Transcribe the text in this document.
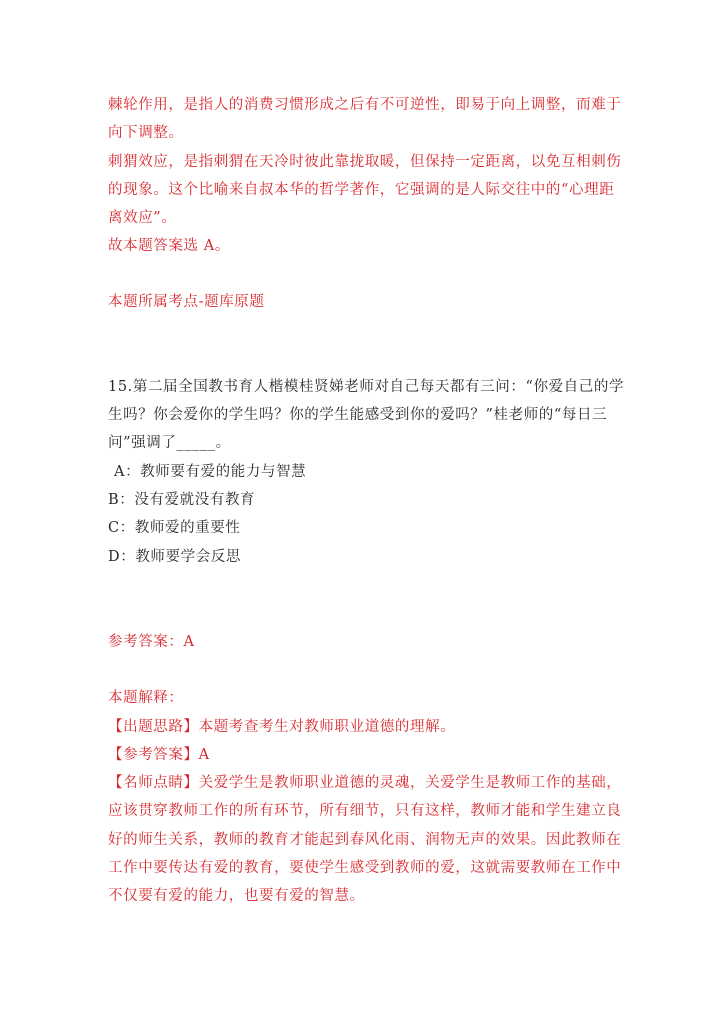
棘轮作用，是指人的消费习惯形成之后有不可逆性，即易于向上调整，而难于
向下调整。
刺猬效应，是指刺猬在天冷时彼此靠拢取暖，但保持一定距离，以免互相刺伤
的现象。这个比喻来自叔本华的哲学著作，它强调的是人际交往中的“心理距
离效应”。
故本题答案选 A。
本题所属考点-题库原题
15.第二届全国教书育人楷模桂贤娣老师对自己每天都有三问：“你爱自己的学
生吗？你会爱你的学生吗？你的学生能感受到你的爱吗？”桂老师的“每日三
问”强调了_____。
A：教师要有爱的能力与智慧
B：没有爱就没有教育
C：教师爱的重要性
D：教师要学会反思
参考答案：A
本题解释：
【出题思路】本题考查考生对教师职业道德的理解。
【参考答案】A
【名师点睛】关爱学生是教师职业道德的灵魂，关爱学生是教师工作的基础，
应该贯穿教师工作的所有环节，所有细节，只有这样，教师才能和学生建立良
好的师生关系，教师的教育才能起到春风化雨、润物无声的效果。因此教师在
工作中要传达有爱的教育，要使学生感受到教师的爱，这就需要教师在工作中
不仅要有爱的能力，也要有爱的智慧。
